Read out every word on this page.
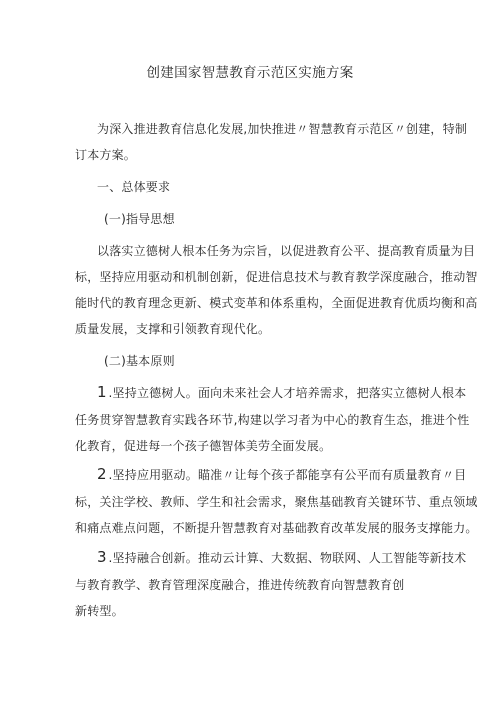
创建国家智慧教育示范区实施方案
为深入推进教育信息化发展,加快推进〃智慧教育示范区〃创建，特制
订本方案。
一、总体要求
(一)指导思想
以落实立德树人根本任务为宗旨，以促进教育公平、提高教育质量为目
标，坚持应用驱动和机制创新，促进信息技术与教育教学深度融合，推动智
能时代的教育理念更新、模式变革和体系重构，全面促进教育优质均衡和高
质量发展，支撑和引领教育现代化。
(二)基本原则
1.坚持立德树人。面向未来社会人才培养需求，把落实立德树人根本
任务贯穿智慧教育实践各环节,构建以学习者为中心的教育生态，推进个性
化教育，促进每一个孩子德智体美劳全面发展。
2.坚持应用驱动。瞄准〃让每个孩子都能享有公平而有质量教育〃目
标，关注学校、教师、学生和社会需求，聚焦基础教育关键环节、重点领域
和痛点难点问题，不断提升智慧教育对基础教育改革发展的服务支撑能力。
3.坚持融合创新。推动云计算、大数据、物联网、人工智能等新技术
与教育教学、教育管理深度融合，推进传统教育向智慧教育创
新转型。
